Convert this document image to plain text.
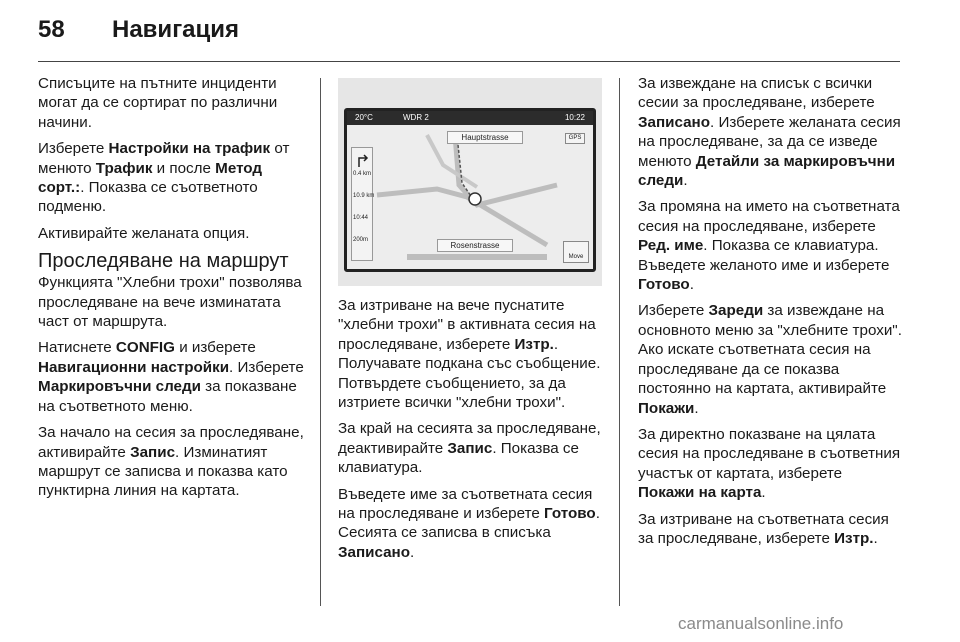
58	Навигация

Списъците на пътните инциденти могат да се сортират по различни начини.

Изберете Настройки на трафик от менюто Трафик и после Метод сорт.:. Показва се съответното подменю.

Активирайте желаната опция.

Проследяване на маршрут

Функцията "Хлебни трохи" позволява проследяване на вече изминатата част от маршрута.

Натиснете CONFIG и изберете Навигационни настройки. Изберете Маркировъчни следи за показване на съответното меню.

За начало на сесия за проследяване, активирайте Запис. Изминатият маршрут се записва и показва като пунктирна линия на картата.

20°C	WDR 2	10:22
Hauptstrasse	GPS
0.4 km
10.9 km
10:44
200m
Rosenstrasse
Move

За изтриване на вече пуснатите "хлебни трохи" в активната сесия на проследяване, изберете Изтр.. Получавате подкана със съобщение. Потвърдете съобщението, за да изтриете всички "хлебни трохи".

За край на сесията за проследяване, деактивирайте Запис. Показва се клавиатура.

Въведете име за съответната сесия на проследяване и изберете Готово. Сесията се записва в списъка Записано.

За извеждане на списък с всички сесии за проследяване, изберете Записано. Изберете желаната сесия на проследяване, за да се изведе менюто Детайли за маркировъчни следи.

За промяна на името на съответната сесия на проследяване, изберете Ред. име. Показва се клавиатура. Въведете желаното име и изберете Готово.

Изберете Зареди за извеждане на основното меню за "хлебните трохи". Ако искате съответната сесия на проследяване да се показва постоянно на картата, активирайте Покажи.

За директно показване на цялата сесия на проследяване в съответния участък от картата, изберете Покажи на карта.

За изтриване на съответната сесия за проследяване, изберете Изтр..

carmanualsonline.info
